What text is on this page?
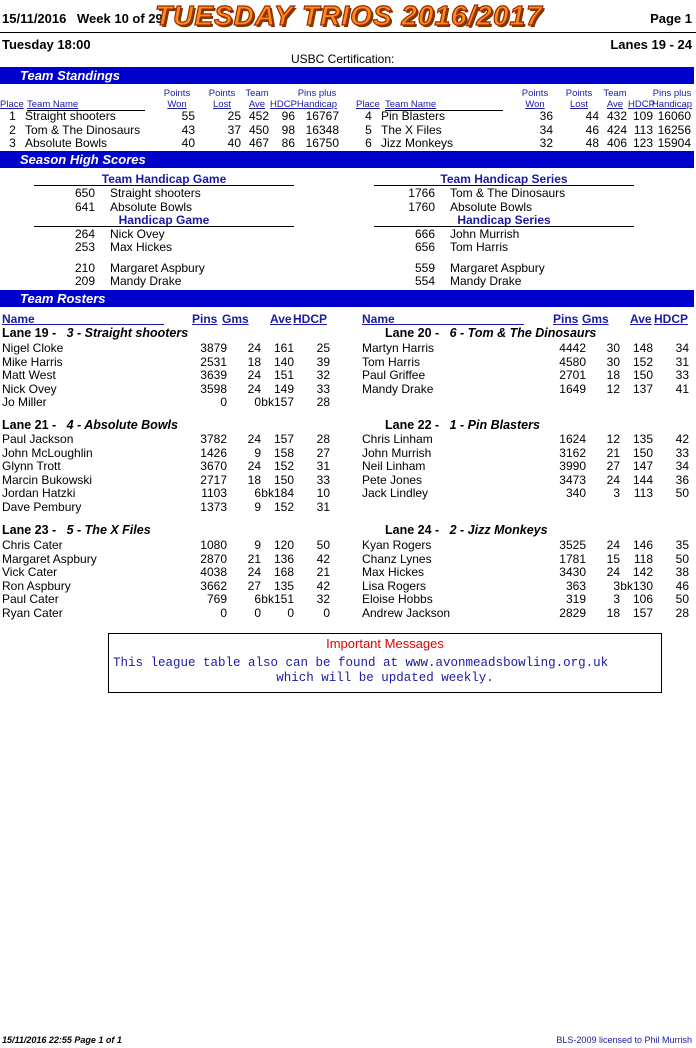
15/11/2016 Week 10 of 29
TUESDAY TRIOS 2016/2017	Page 1
Tuesday 18:00	Lanes 19 - 24
USBC Certification:
Team Standings
Place Team Name
Points
Won
Points
Lost
Team
Ave HDCP
Pins plus
Handicap	Place Team Name
Points
Won
Points
Lost
Team
Ave HDCP
Pins plus
Handicap
1	Straight shooters	55	25	452	96	16767
2	Tom & The Dinosaurs	43	37	450	98	16348
3	Absolute Bowls	40	40	467	86	16750
4	Pin Blasters	36	44	432	109	16060
5	The X Files	34	46	424	113	16256
6	Jizz Monkeys	32	48	406	123	15904
Season High Scores
Team Handicap Game	Team Handicap Series
650 Straight shooters
641 Absolute Bowls
1766 Tom & The Dinosaurs
1760 Absolute Bowls
Handicap Game	Handicap Series
264 Nick Ovey
253 Max Hickes
666 John Murrish
656 Tom Harris
210 Margaret Aspbury
209 Mandy Drake
559 Margaret Aspbury
554 Mandy Drake
Team Rosters
Name	Pins Gms Ave HDCP	Name	Pins Gms Ave HDCP
Lane 19 - 3 - Straight shooters
Nigel Cloke	3879	24	161	25
Mike Harris	2531	18	140	39
Matt West	3639	24	151	32
Nick Ovey	3598	24	149	33
Jo Miller	0	0	bk157	28
Lane 20 - 6 - Tom & The Dinosaurs
Martyn Harris	4442	30	148	34
Tom Harris	4580	30	152	31
Paul Griffee	2701	18	150	33
Mandy Drake	1649	12	137	41
Lane 21 - 4 - Absolute Bowls
Paul Jackson	3782	24	157	28
John McLoughlin	1426	9	158	27
Glynn Trott	3670	24	152	31
Marcin Bukowski	2717	18	150	33
Jordan Hatzki	1103	6	bk184	10
Dave Pembury	1373	9	152	31
Lane 22 - 1 - Pin Blasters
Chris Linham	1624	12	135	42
John Murrish	3162	21	150	33
Neil Linham	3990	27	147	34
Pete Jones	3473	24	144	36
Jack Lindley	340	3	113	50
Lane 23 - 5 - The X Files
Chris Cater	1080	9	120	50
Margaret Aspbury	2870	21	136	42
Vick Cater	4038	24	168	21
Ron Aspbury	3662	27	135	42
Paul Cater	769	6	bk151	32
Ryan Cater	0	0	0	0
Lane 24 - 2 - Jizz Monkeys
Kyan Rogers	3525	24	146	35
Chanz Lynes	1781	15	118	50
Max Hickes	3430	24	142	38
Lisa Rogers	363	3	bk130	46
Eloise Hobbs	319	3	106	50
Andrew Jackson	2829	18	157	28
Important Messages
This league table also can be found at www.avonmeadsbowling.org.uk
which will be updated weekly.
15/11/2016 22:55 Page 1 of 1	BLS-2009 licensed to Phil Murrish
